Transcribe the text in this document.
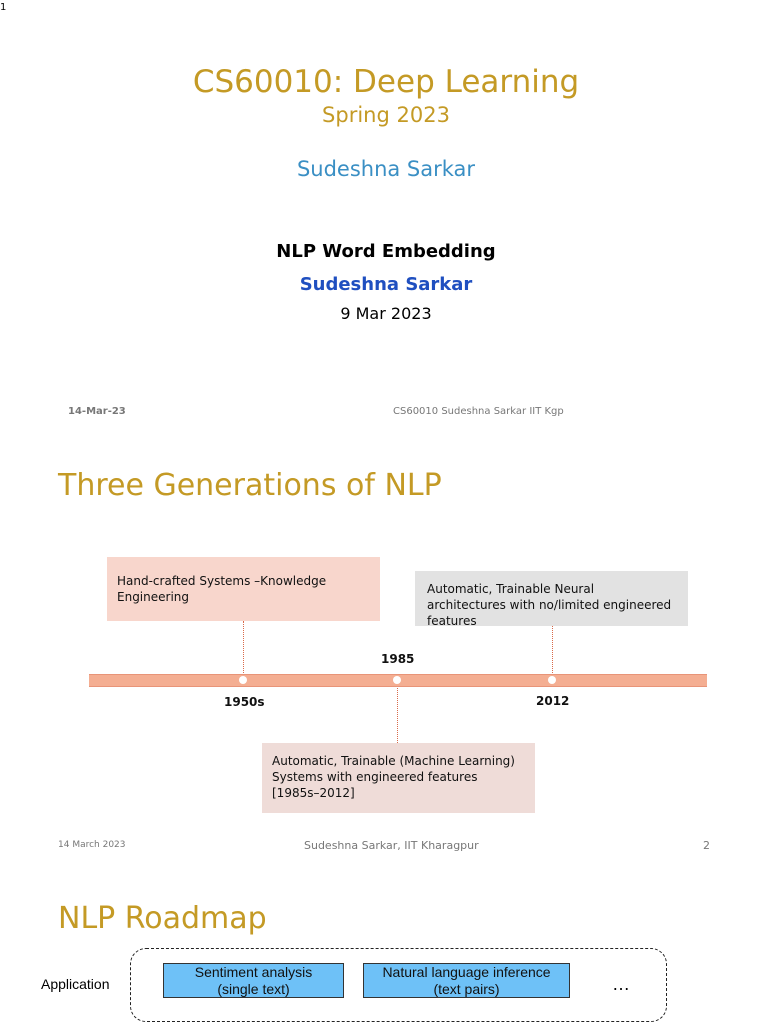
1
CS60010: Deep Learning
Spring 2023
Sudeshna Sarkar
NLP Word Embedding
Sudeshna Sarkar
9 Mar 2023
14-Mar-23	CS60010 Sudeshna Sarkar IIT Kgp
Three Generations of NLP
Hand-crafted Systems –Knowledge Engineering
Automatic, Trainable Neural architectures with no/limited engineered features
1985
1950s	2012
Automatic, Trainable (Machine Learning) Systems with engineered features [1985s–2012]
14 March 2023	Sudeshna Sarkar, IIT Kharagpur	2
NLP Roadmap
Application
Sentiment analysis
(single text)
Natural language inference
(text pairs)	…
